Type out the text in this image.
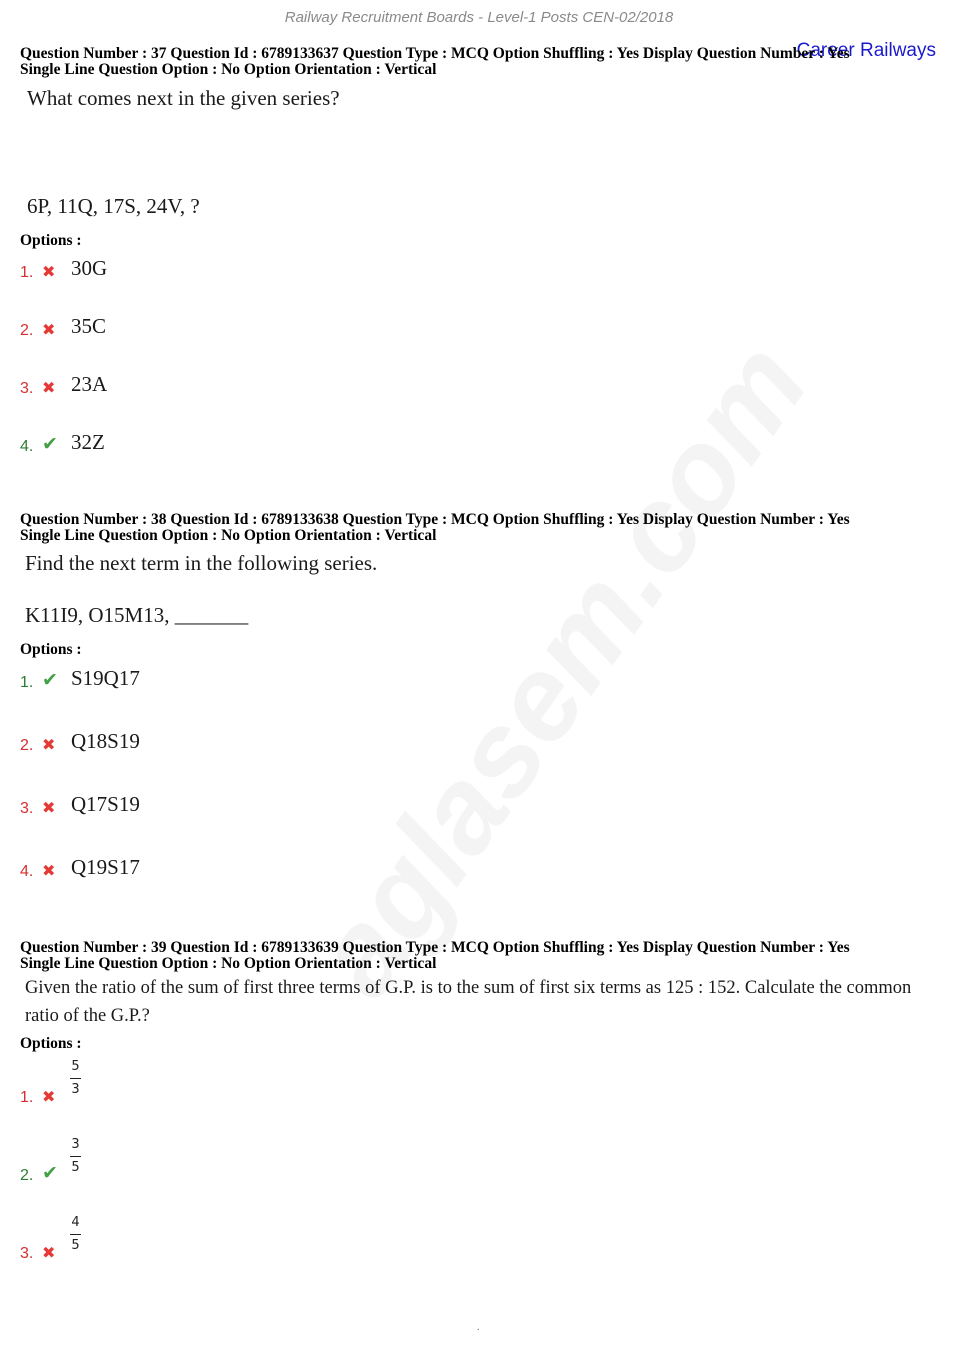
Railway Recruitment Boards - Level-1 Posts CEN-02/2018
Career Railways
Question Number : 37 Question Id : 6789133637 Question Type : MCQ Option Shuffling : Yes Display Question Number : Yes
Single Line Question Option : No Option Orientation : Vertical
What comes next in the given series?
6P, 11Q, 17S, 24V, ?
Options :
1. ✖ 30G
2. ✖ 35C
3. ✖ 23A
4. ✔ 32Z
Question Number : 38 Question Id : 6789133638 Question Type : MCQ Option Shuffling : Yes Display Question Number : Yes
Single Line Question Option : No Option Orientation : Vertical
Find the next term in the following series.
K11I9, O15M13, _______
Options :
1. ✔ S19Q17
2. ✖ Q18S19
3. ✖ Q17S19
4. ✖ Q19S17
Question Number : 39 Question Id : 6789133639 Question Type : MCQ Option Shuffling : Yes Display Question Number : Yes
Single Line Question Option : No Option Orientation : Vertical
Given the ratio of the sum of first three terms of G.P. is to the sum of first six terms as 125 : 152. Calculate the common ratio of the G.P.?
Options :
1. ✖
5
3
2. ✔
3
5
3. ✖
4
5
.
